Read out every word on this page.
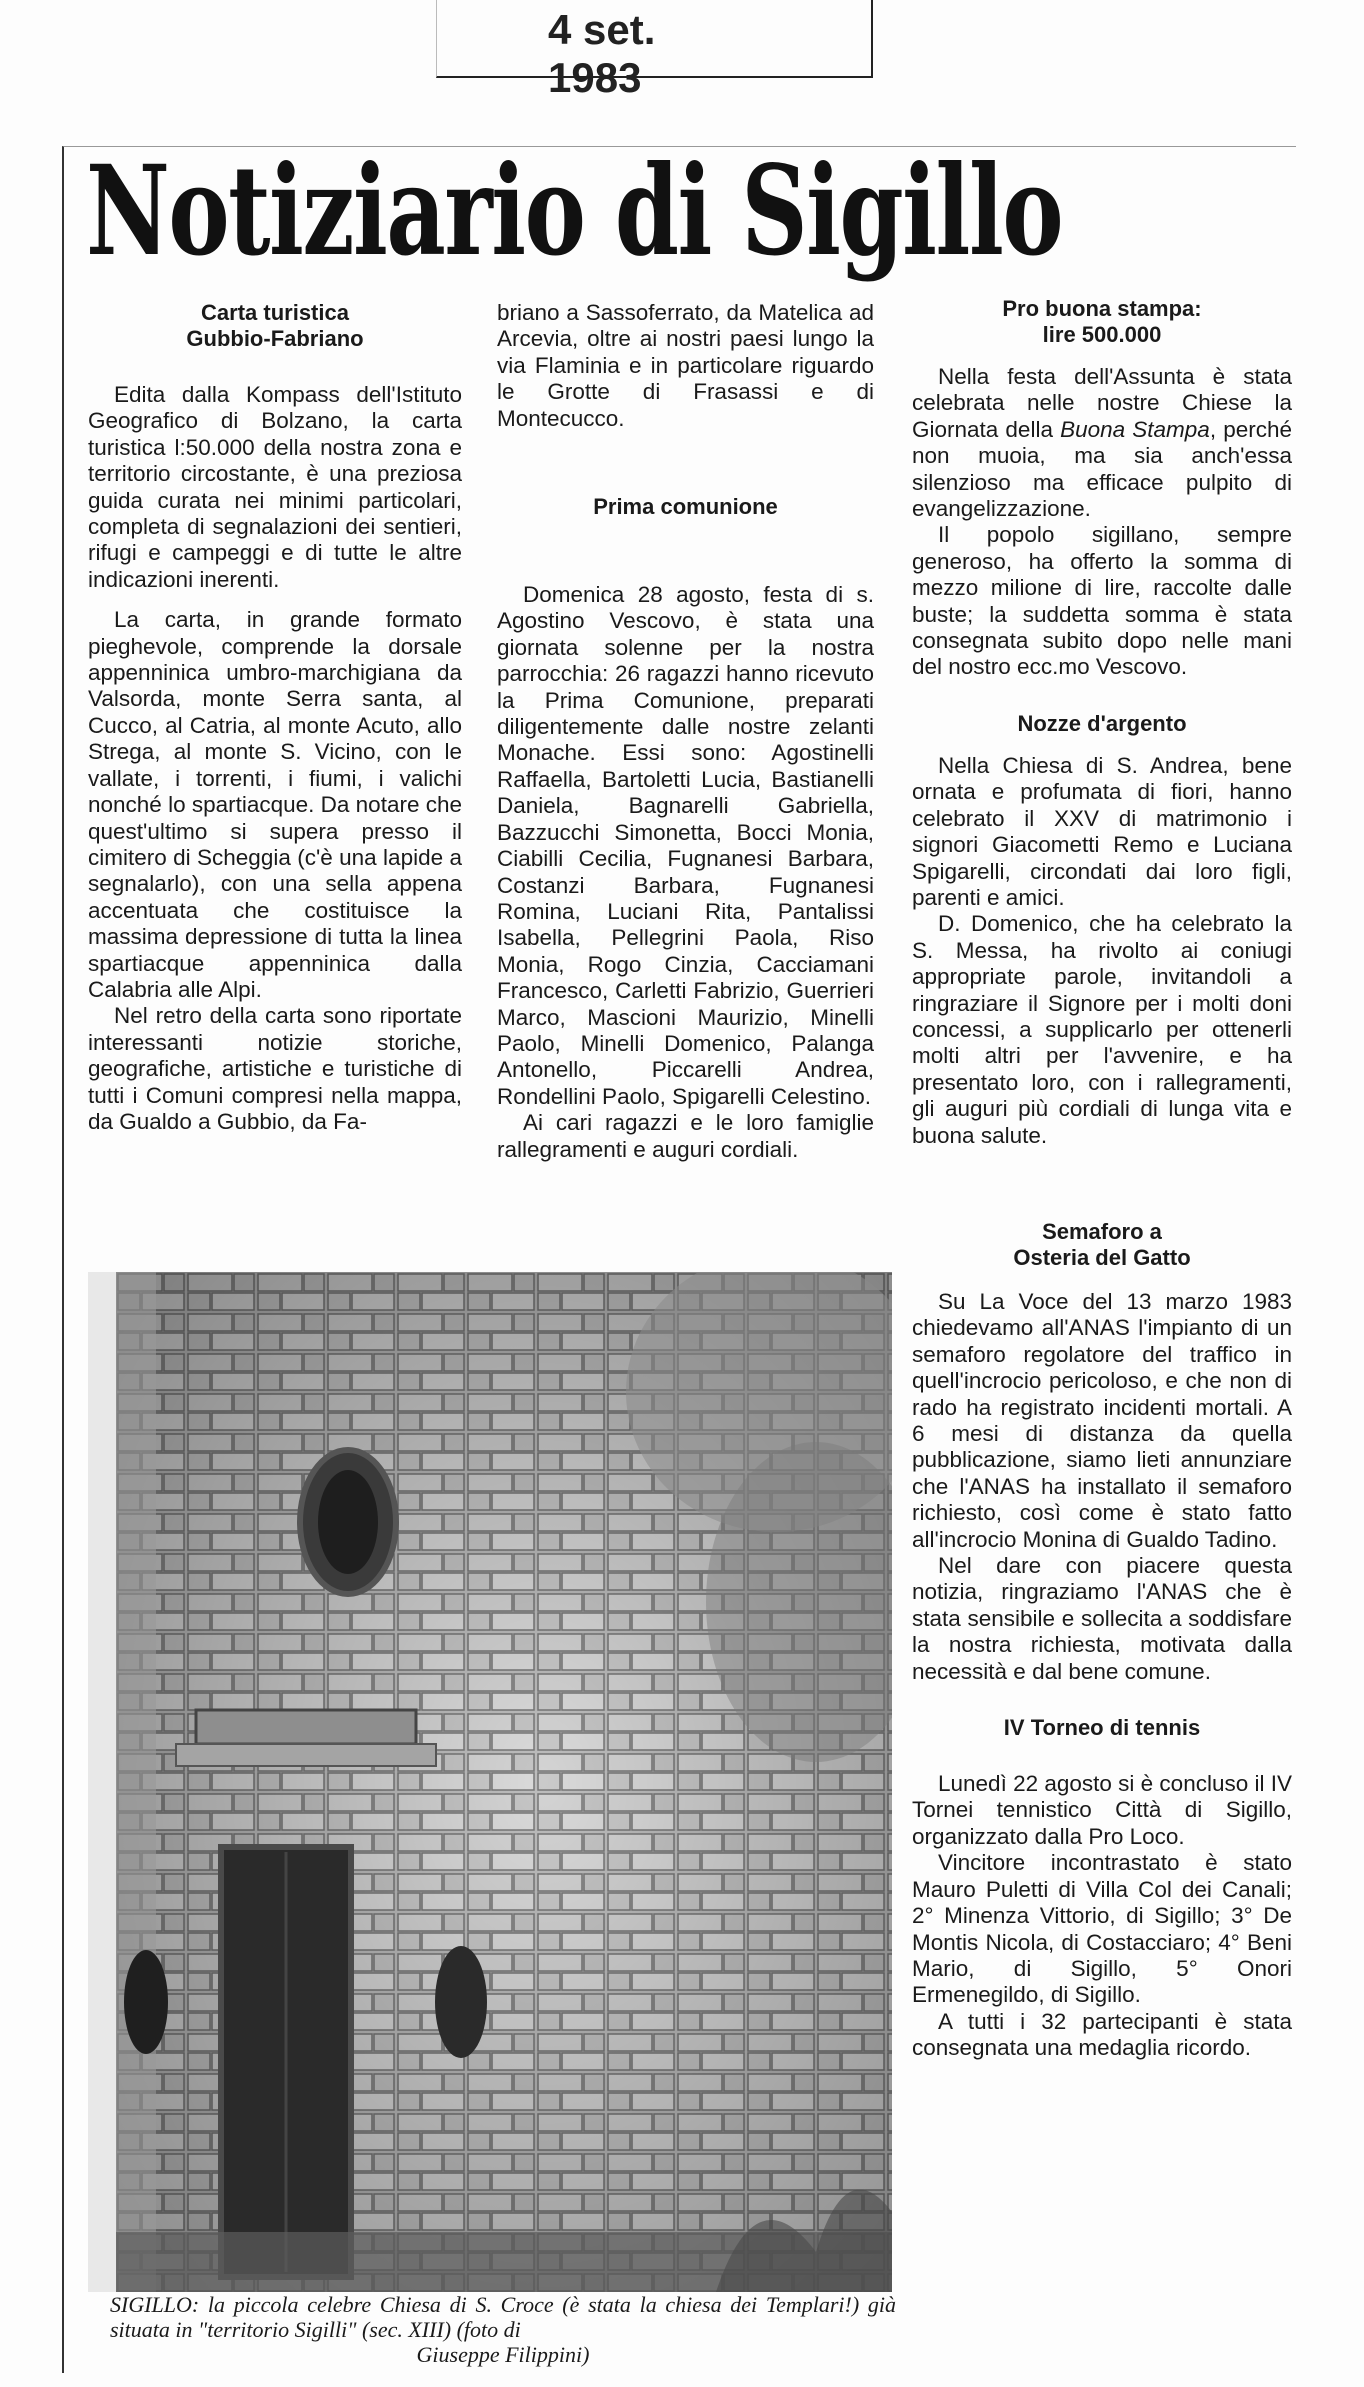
4 set. 1983
Notiziario di Sigillo
Carta turistica
Gubbio-Fabriano

Edita dalla Kompass dell'Istituto Geografico di Bolzano, la carta turistica l:50.000 della nostra zona e territorio circostante, è una preziosa guida curata nei minimi particolari, completa di segnalazioni dei sentieri, rifugi e campeggi e di tutte le altre indicazioni inerenti.

La carta, in grande formato pieghevole, comprende la dorsale appenninica umbro-marchigiana da Valsorda, monte Serra santa, al Cucco, al Catria, al monte Acuto, allo Strega, al monte S. Vicino, con le vallate, i torrenti, i fiumi, i valichi nonché lo spartiacque. Da notare che quest'ultimo si supera presso il cimitero di Scheggia (c'è una lapide a segnalarlo), con una sella appena accentuata che costituisce la massima depressione di tutta la linea spartiacque appenninica dalla Calabria alle Alpi.

Nel retro della carta sono riportate interessanti notizie storiche, geografiche, artistiche e turistiche di tutti i Comuni compresi nella mappa, da Gualdo a Gubbio, da Fa-

briano a Sassoferrato, da Matelica ad Arcevia, oltre ai nostri paesi lungo la via Flaminia e in particolare riguardo le Grotte di Frasassi e di Montecucco.

Prima comunione

Domenica 28 agosto, festa di s. Agostino Vescovo, è stata una giornata solenne per la nostra parrocchia: 26 ragazzi hanno ricevuto la Prima Comunione, preparati diligentemente dalle nostre zelanti Monache. Essi sono: Agostinelli Raffaella, Bartoletti Lucia, Bastianelli Daniela, Bagnarelli Gabriella, Bazzucchi Simonetta, Bocci Monia, Ciabilli Cecilia, Fugnanesi Barbara, Costanzi Barbara, Fugnanesi Romina, Luciani Rita, Pantalissi Isabella, Pellegrini Paola, Riso Monia, Rogo Cinzia, Cacciamani Francesco, Carletti Fabrizio, Guerrieri Marco, Mascioni Maurizio, Minelli Paolo, Minelli Domenico, Palanga Antonello, Piccarelli Andrea, Rondellini Paolo, Spigarelli Celestino.

Ai cari ragazzi e le loro famiglie rallegramenti e auguri cordiali.

Pro buona stampa:
lire 500.000

Nella festa dell'Assunta è stata celebrata nelle nostre Chiese la Giornata della Buona Stampa, perché non muoia, ma sia anch'essa silenzioso ma efficace pulpito di evangelizzazione.

Il popolo sigillano, sempre generoso, ha offerto la somma di mezzo milione di lire, raccolte dalle buste; la suddetta somma è stata consegnata subito dopo nelle mani del nostro ecc.mo Vescovo.

Nozze d'argento

Nella Chiesa di S. Andrea, bene ornata e profumata di fiori, hanno celebrato il XXV di matrimonio i signori Giacometti Remo e Luciana Spigarelli, circondati dai loro figli, parenti e amici.

D. Domenico, che ha celebrato la S. Messa, ha rivolto ai coniugi appropriate parole, invitandoli a ringraziare il Signore per i molti doni concessi, a supplicarlo per ottenerli molti altri per l'avvenire, e ha presentato loro, con i rallegramenti, gli auguri più cordiali di lunga vita e buona salute.

Semaforo a
Osteria del Gatto

Su La Voce del 13 marzo 1983 chiedevamo all'ANAS l'impianto di un semaforo regolatore del traffico in quell'incrocio pericoloso, e che non di rado ha registrato incidenti mortali. A 6 mesi di distanza da quella pubblicazione, siamo lieti annunziare che l'ANAS ha installato il semaforo richiesto, così come è stato fatto all'incrocio Monina di Gualdo Tadino.

Nel dare con piacere questa notizia, ringraziamo l'ANAS che è stata sensibile e sollecita a soddisfare la nostra richiesta, motivata dalla necessità e dal bene comune.

IV Torneo di tennis

Lunedì 22 agosto si è concluso il IV Tornei tennistico Città di Sigillo, organizzato dalla Pro Loco.

Vincitore incontrastato è stato Mauro Puletti di Villa Col dei Canali; 2° Minenza Vittorio, di Sigillo; 3° De Montis Nicola, di Costacciaro; 4° Beni Mario, di Sigillo, 5° Onori Ermenegildo, di Sigillo.

A tutti i 32 partecipanti è stata consegnata una medaglia ricordo.

SIGILLO: la piccola celebre Chiesa di S. Croce (è stata la chiesa dei Templari!) già situata in "territorio Sigilli" (sec. XIII) (foto di
Giuseppe Filippini)
